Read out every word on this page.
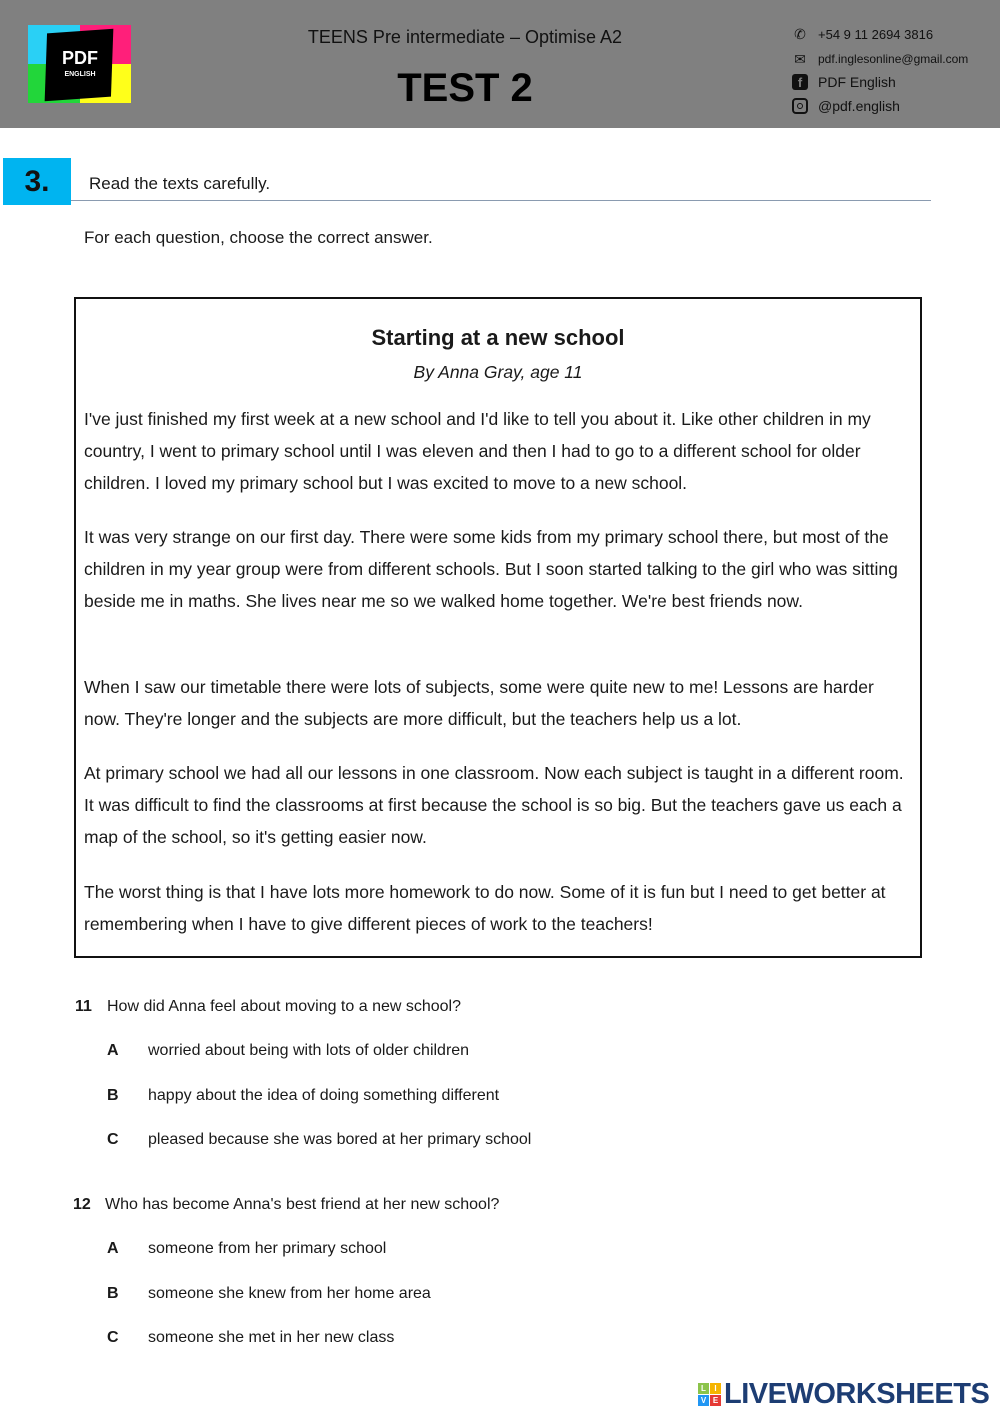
PDF
ENGLISH
TEENS Pre intermediate – Optimise A2
TEST 2
✆ +54 9 11 2694 3816
✉	pdf.inglesonline@gmail.com
f	PDF English
@pdf.english
3.	Read the texts carefully.
For each question, choose the correct answer.
Starting at a new school
By Anna Gray, age 11
I've just finished my first week at a new school and I'd like to tell you about it. Like other children in my country, I went to primary school until I was eleven and then I had to go to a different school for older children. I loved my primary school but I was excited to move to a new school.
It was very strange on our first day. There were some kids from my primary school there, but most of the children in my year group were from different schools. But I soon started talking to the girl who was sitting beside me in maths. She lives near me so we walked home together. We're best friends now.
When I saw our timetable there were lots of subjects, some were quite new to me! Lessons are harder now. They're longer and the subjects are more difficult, but the teachers help us a lot.
At primary school we had all our lessons in one classroom. Now each subject is taught in a different room. It was difficult to find the classrooms at first because the school is so big. But the teachers gave us each a map of the school, so it's getting easier now.
The worst thing is that I have lots more homework to do now. Some of it is fun but I need to get better at remembering when I have to give different pieces of work to the teachers!
11 How did Anna feel about moving to a new school?
A worried about being with lots of older children
B happy about the idea of doing something different
C pleased because she was bored at her primary school
12 Who has become Anna's best friend at her new school?
A someone from her primary school
B someone she knew from her home area
C someone she met in her new class
L	I
V E LIVEWORKSHEETS
